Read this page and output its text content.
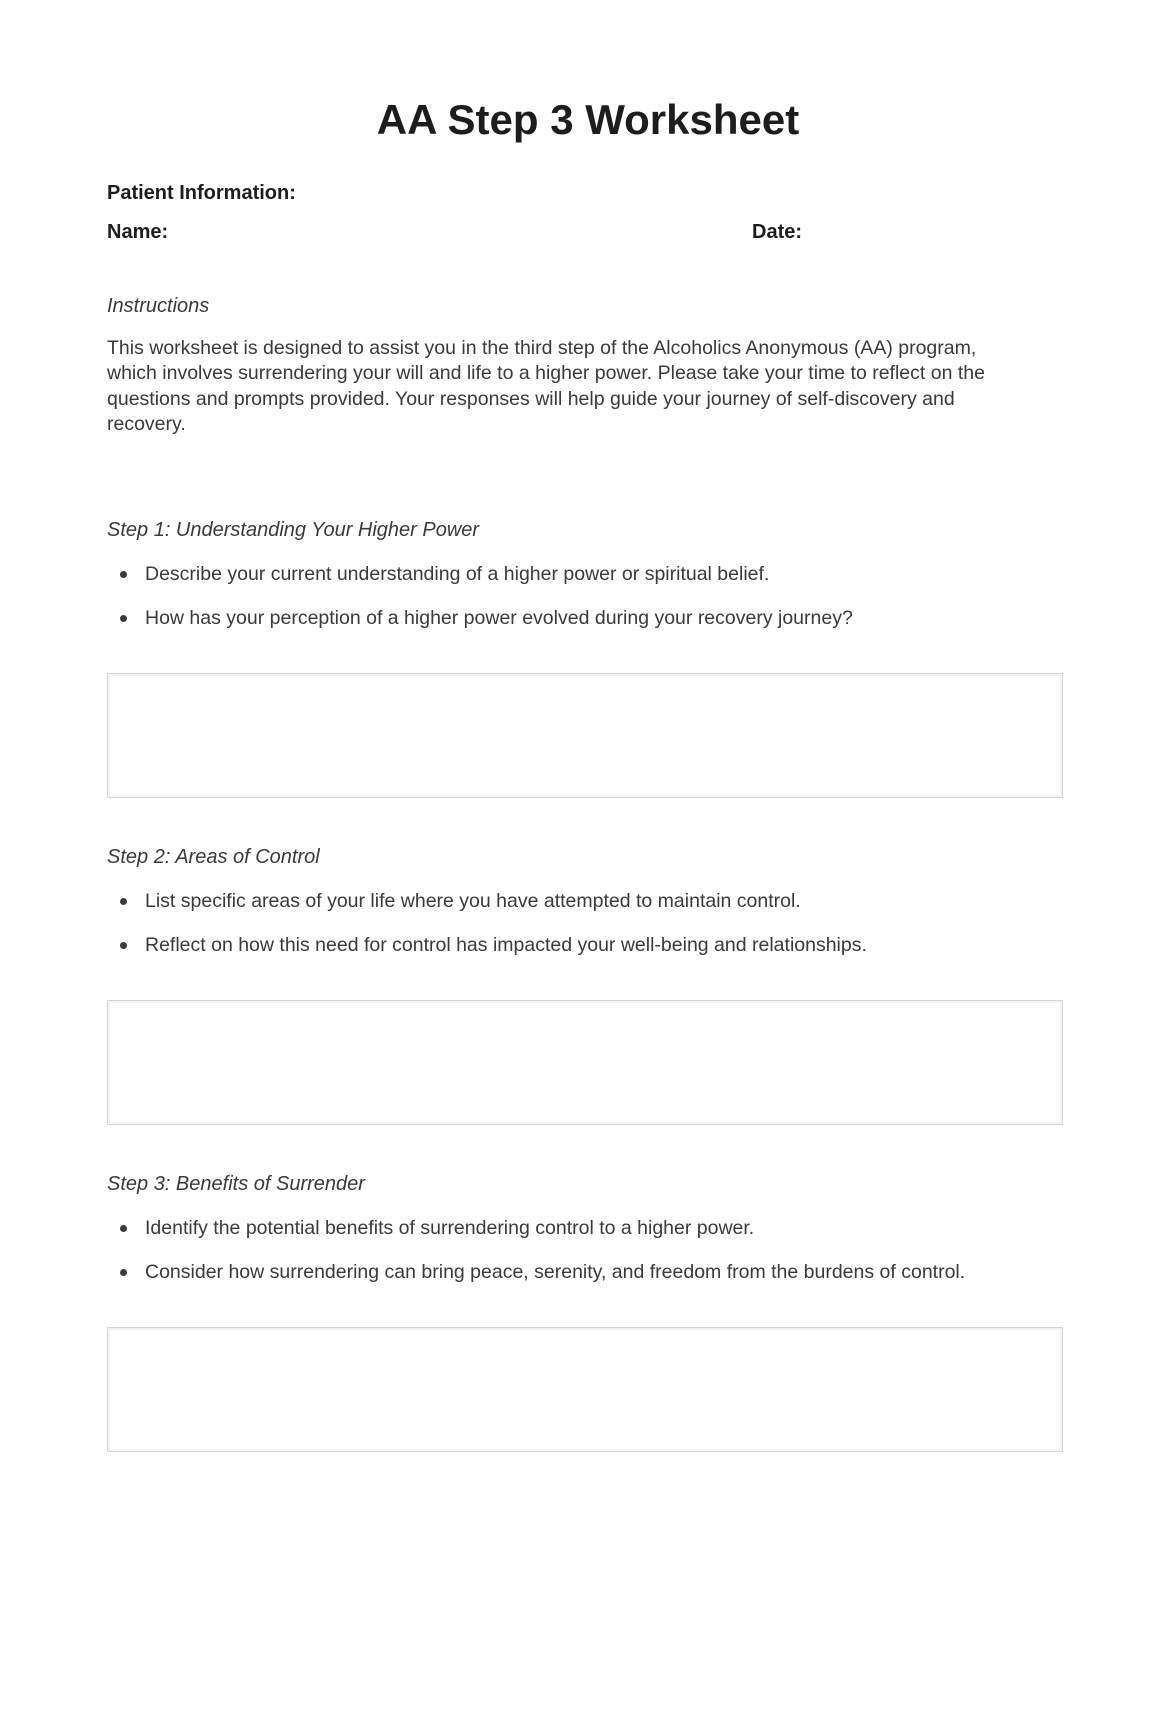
AA Step 3 Worksheet
Patient Information:
Name:	Date:
Instructions

This worksheet is designed to assist you in the third step of the Alcoholics Anonymous (AA) program, which involves surrendering your will and life to a higher power. Please take your time to reflect on the questions and prompts provided. Your responses will help guide your journey of self-discovery and recovery.

Step 1: Understanding Your Higher Power
Describe your current understanding of a higher power or spiritual belief.
How has your perception of a higher power evolved during your recovery journey?
Step 2: Areas of Control
List specific areas of your life where you have attempted to maintain control.
Reflect on how this need for control has impacted your well-being and relationships.
Step 3: Benefits of Surrender
Identify the potential benefits of surrendering control to a higher power.
Consider how surrendering can bring peace, serenity, and freedom from the burdens of control.
